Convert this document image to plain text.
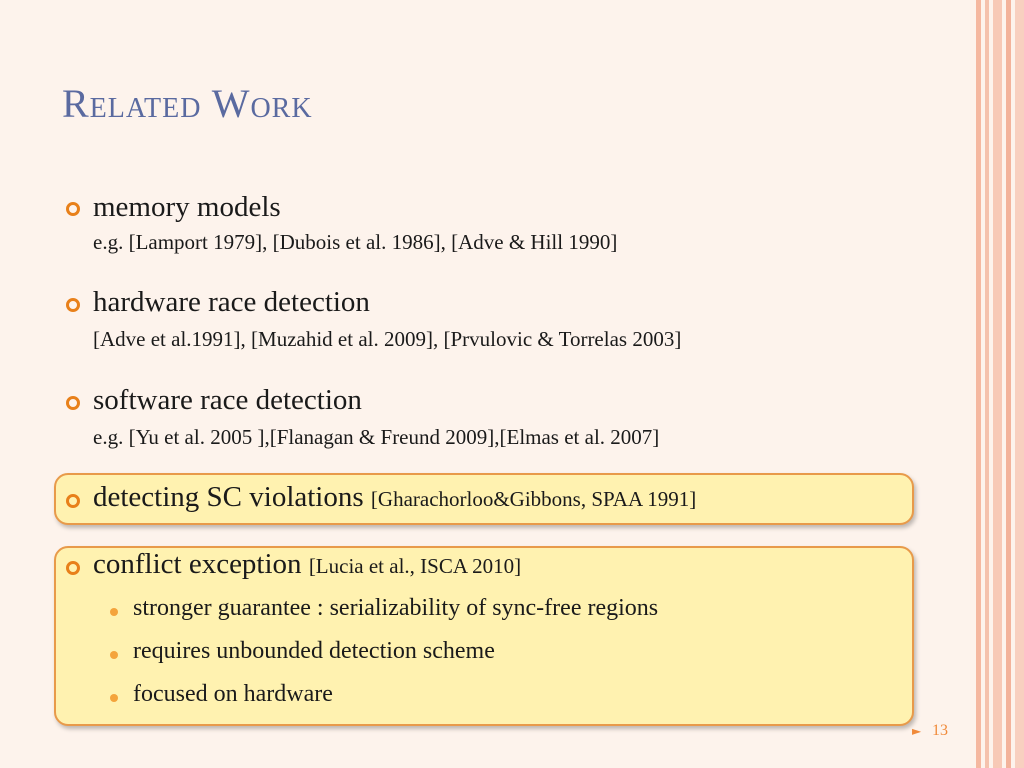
Related Work
memory models
e.g. [Lamport 1979], [Dubois et al. 1986], [Adve & Hill 1990]
hardware race detection
[Adve et al.1991], [Muzahid et al. 2009], [Prvulovic & Torrelas 2003]
software race detection
e.g. [Yu et al. 2005 ],[Flanagan & Freund 2009],[Elmas et al. 2007]
detecting SC violations [Gharachorloo&Gibbons, SPAA 1991]
conflict exception [Lucia et al., ISCA 2010]
stronger guarantee : serializability of sync-free regions
requires unbounded detection scheme
focused on hardware
► 13
